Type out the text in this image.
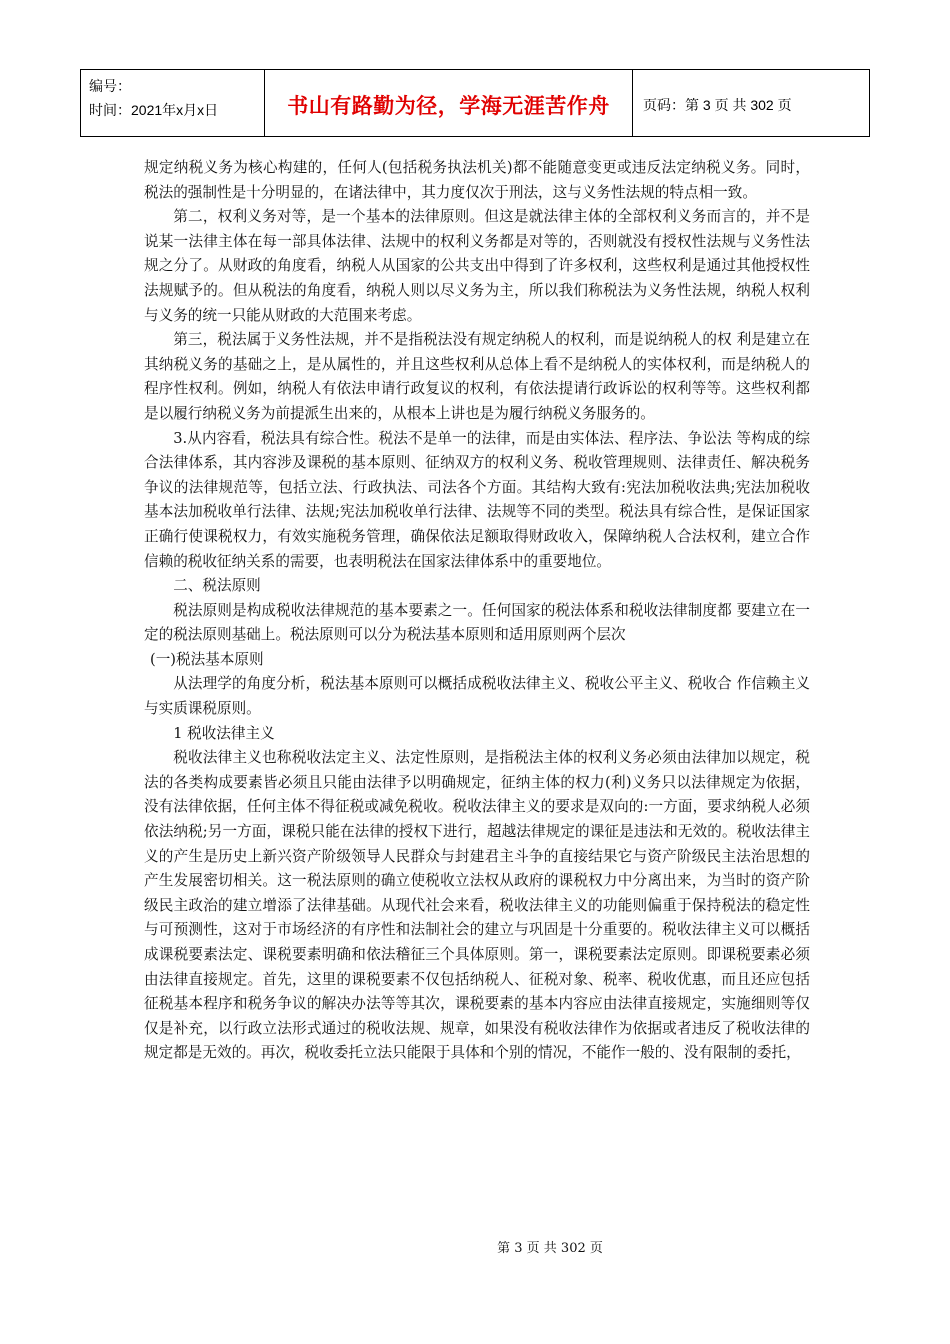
编号：
时间：2021年x月x日	书山有路勤为径，学海无涯苦作舟 页码：第 3 页 共 302 页

规定纳税义务为核心构建的，任何人(包括税务执法机关)都不能随意变更或违反法定纳税义务。同时，税法的强制性是十分明显的，在诸法律中，其力度仅次于刑法，这与义务性法规的特点相一致。

第二，权利义务对等，是一个基本的法律原则。但这是就法律主体的全部权利义务而言的，并不是说某一法律主体在每一部具体法律、法规中的权利义务都是对等的，否则就没有授权性法规与义务性法规之分了。从财政的角度看，纳税人从国家的公共支出中得到了许多权利，这些权利是通过其他授权性法规赋予的。但从税法的角度看，纳税人则以尽义务为主，所以我们称税法为义务性法规，纳税人权利与义务的统一只能从财政的大范围来考虑。

第三，税法属于义务性法规，并不是指税法没有规定纳税人的权利，而是说纳税人的权 利是建立在其纳税义务的基础之上，是从属性的，并且这些权利从总体上看不是纳税人的实体权利，而是纳税人的程序性权利。例如，纳税人有依法申请行政复议的权利，有依法提请行政诉讼的权利等等。这些权利都是以履行纳税义务为前提派生出来的，从根本上讲也是为履行纳税义务服务的。

3.从内容看，税法具有综合性。税法不是单一的法律，而是由实体法、程序法、争讼法 等构成的综合法律体系，其内容涉及课税的基本原则、征纳双方的权利义务、税收管理规则、法律责任、解决税务争议的法律规范等，包括立法、行政执法、司法各个方面。其结构大致有:宪法加税收法典;宪法加税收基本法加税收单行法律、法规;宪法加税收单行法律、法规等不同的类型。税法具有综合性，是保证国家正确行使课税权力，有效实施税务管理，确保依法足额取得财政收入，保障纳税人合法权利，建立合作信赖的税收征纳关系的需要，也表明税法在国家法律体系中的重要地位。

二、税法原则

税法原则是构成税收法律规范的基本要素之一。任何国家的税法体系和税收法律制度都 要建立在一定的税法原则基础上。税法原则可以分为税法基本原则和适用原则两个层次

(一)税法基本原则

从法理学的角度分析，税法基本原则可以概括成税收法律主义、税收公平主义、税收合 作信赖主义与实质课税原则。

1 税收法律主义

税收法律主义也称税收法定主义、法定性原则，是指税法主体的权利义务必须由法律加以规定，税法的各类构成要素皆必须且只能由法律予以明确规定，征纳主体的权力(利)义务只以法律规定为依据，没有法律依据，任何主体不得征税或减免税收。税收法律主义的要求是双向的:一方面，要求纳税人必须依法纳税;另一方面，课税只能在法律的授权下进行，超越法律规定的课征是违法和无效的。税收法律主义的产生是历史上新兴资产阶级领导人民群众与封建君主斗争的直接结果它与资产阶级民主法治思想的产生发展密切相关。这一税法原则的确立使税收立法权从政府的课税权力中分离出来，为当时的资产阶级民主政治的建立增添了法律基础。从现代社会来看，税收法律主义的功能则偏重于保持税法的稳定性与可预测性，这对于市场经济的有序性和法制社会的建立与巩固是十分重要的。税收法律主义可以概括成课税要素法定、课税要素明确和依法稽征三个具体原则。第一，课税要素法定原则。即课税要素必须由法律直接规定。首先，这里的课税要素不仅包括纳税人、征税对象、税率、税收优惠，而且还应包括征税基本程序和税务争议的解决办法等等其次，课税要素的基本内容应由法律直接规定，实施细则等仅仅是补充，以行政立法形式通过的税收法规、规章，如果没有税收法律作为依据或者违反了税收法律的规定都是无效的。再次，税收委托立法只能限于具体和个别的情况，不能作一般的、没有限制的委托，

第 3 页 共 302 页
